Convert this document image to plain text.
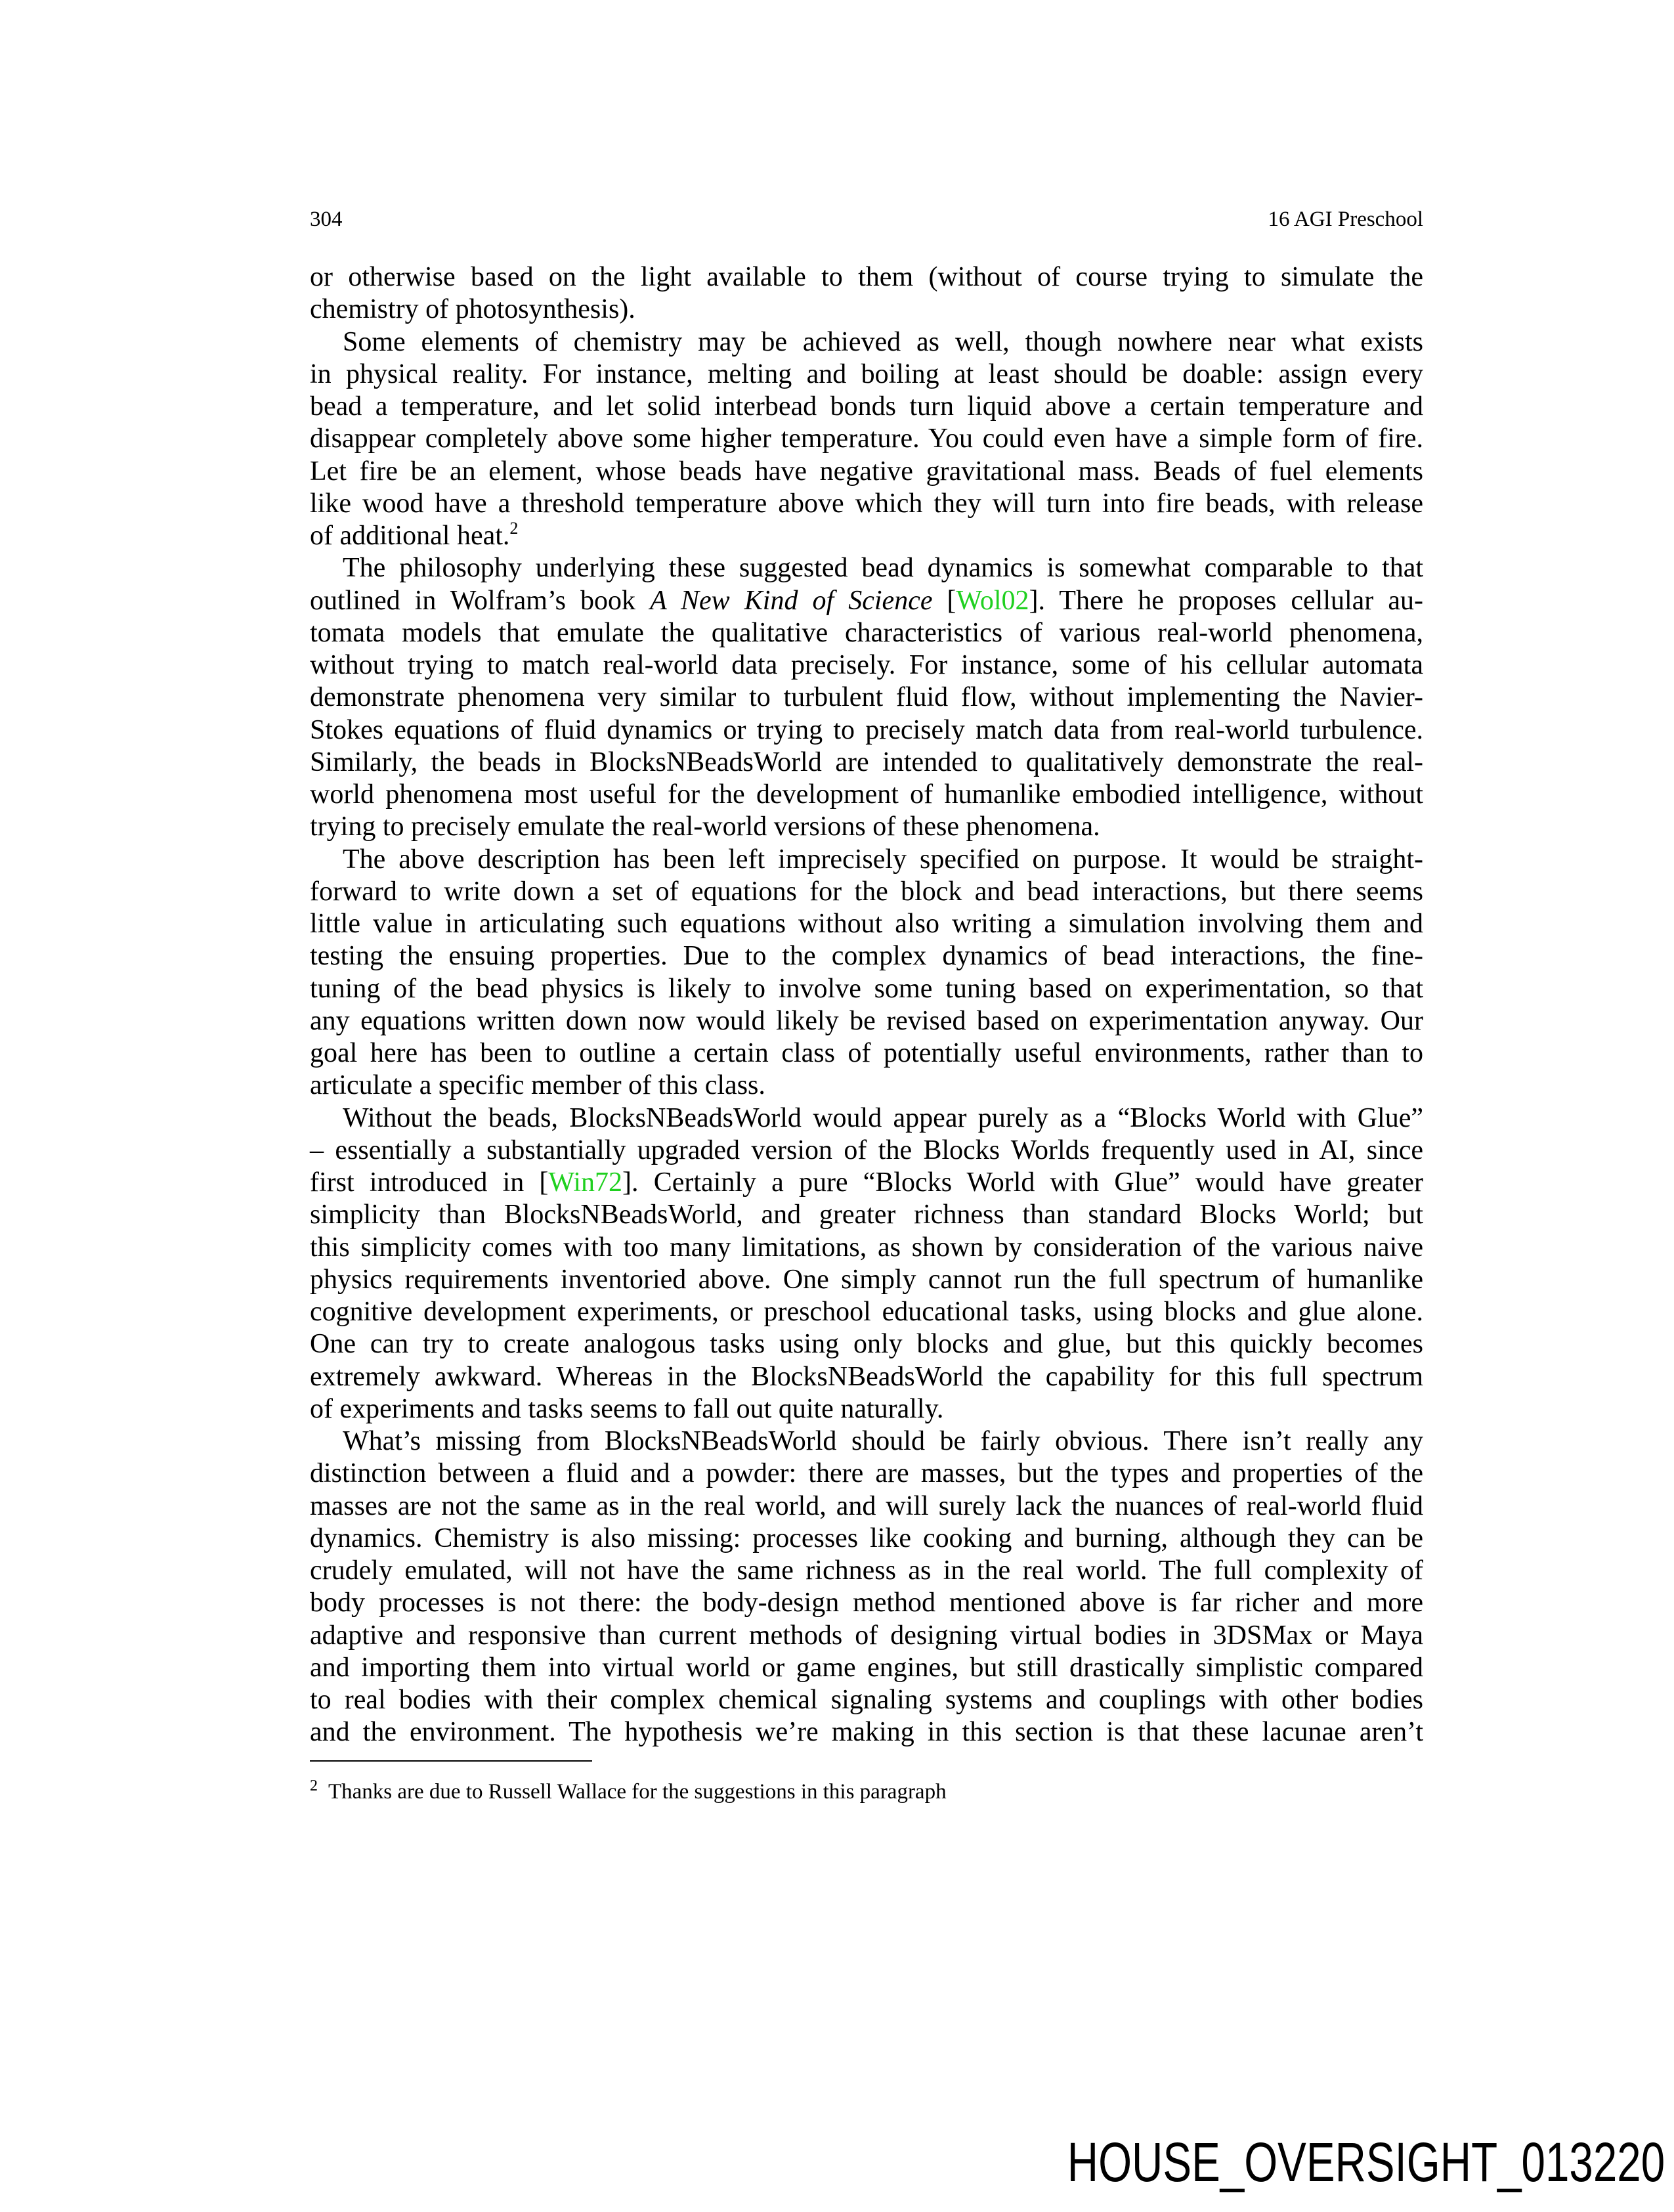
304	16 AGI Preschool
or otherwise based on the light available to them (without of course trying to simulate the
chemistry of photosynthesis).
Some elements of chemistry may be achieved as well, though nowhere near what exists
in physical reality. For instance, melting and boiling at least should be doable: assign every
bead a temperature, and let solid interbead bonds turn liquid above a certain temperature and
disappear completely above some higher temperature. You could even have a simple form of fire.
Let fire be an element, whose beads have negative gravitational mass. Beads of fuel elements
like wood have a threshold temperature above which they will turn into fire beads, with release
of additional heat.$^2$
The philosophy underlying these suggested bead dynamics is somewhat comparable to that
outlined in Wolfram’s book A New Kind of Science [Wol02]. There he proposes cellular au-
tomata models that emulate the qualitative characteristics of various real-world phenomena,
without trying to match real-world data precisely. For instance, some of his cellular automata
demonstrate phenomena very similar to turbulent fluid flow, without implementing the Navier-
Stokes equations of fluid dynamics or trying to precisely match data from real-world turbulence.
Similarly, the beads in BlocksNBeadsWorld are intended to qualitatively demonstrate the real-
world phenomena most useful for the development of humanlike embodied intelligence, without
trying to precisely emulate the real-world versions of these phenomena.
The above description has been left imprecisely specified on purpose. It would be straight-
forward to write down a set of equations for the block and bead interactions, but there seems
little value in articulating such equations without also writing a simulation involving them and
testing the ensuing properties. Due to the complex dynamics of bead interactions, the fine-
tuning of the bead physics is likely to involve some tuning based on experimentation, so that
any equations written down now would likely be revised based on experimentation anyway. Our
goal here has been to outline a certain class of potentially useful environments, rather than to
articulate a specific member of this class.
Without the beads, BlocksNBeadsWorld would appear purely as a “Blocks World with Glue”
– essentially a substantially upgraded version of the Blocks Worlds frequently used in AI, since
first introduced in [Win72]. Certainly a pure “Blocks World with Glue” would have greater
simplicity than BlocksNBeadsWorld, and greater richness than standard Blocks World; but
this simplicity comes with too many limitations, as shown by consideration of the various naive
physics requirements inventoried above. One simply cannot run the full spectrum of humanlike
cognitive development experiments, or preschool educational tasks, using blocks and glue alone.
One can try to create analogous tasks using only blocks and glue, but this quickly becomes
extremely awkward. Whereas in the BlocksNBeadsWorld the capability for this full spectrum
of experiments and tasks seems to fall out quite naturally.
What’s missing from BlocksNBeadsWorld should be fairly obvious. There isn’t really any
distinction between a fluid and a powder: there are masses, but the types and properties of the
masses are not the same as in the real world, and will surely lack the nuances of real-world fluid
dynamics. Chemistry is also missing: processes like cooking and burning, although they can be
crudely emulated, will not have the same richness as in the real world. The full complexity of
body processes is not there: the body-design method mentioned above is far richer and more
adaptive and responsive than current methods of designing virtual bodies in 3DSMax or Maya
and importing them into virtual world or game engines, but still drastically simplistic compared
to real bodies with their complex chemical signaling systems and couplings with other bodies
and the environment. The hypothesis we’re making in this section is that these lacunae aren’t
$^2$ Thanks are due to Russell Wallace for the suggestions in this paragraph
HOUSE_OVERSIGHT_013220
